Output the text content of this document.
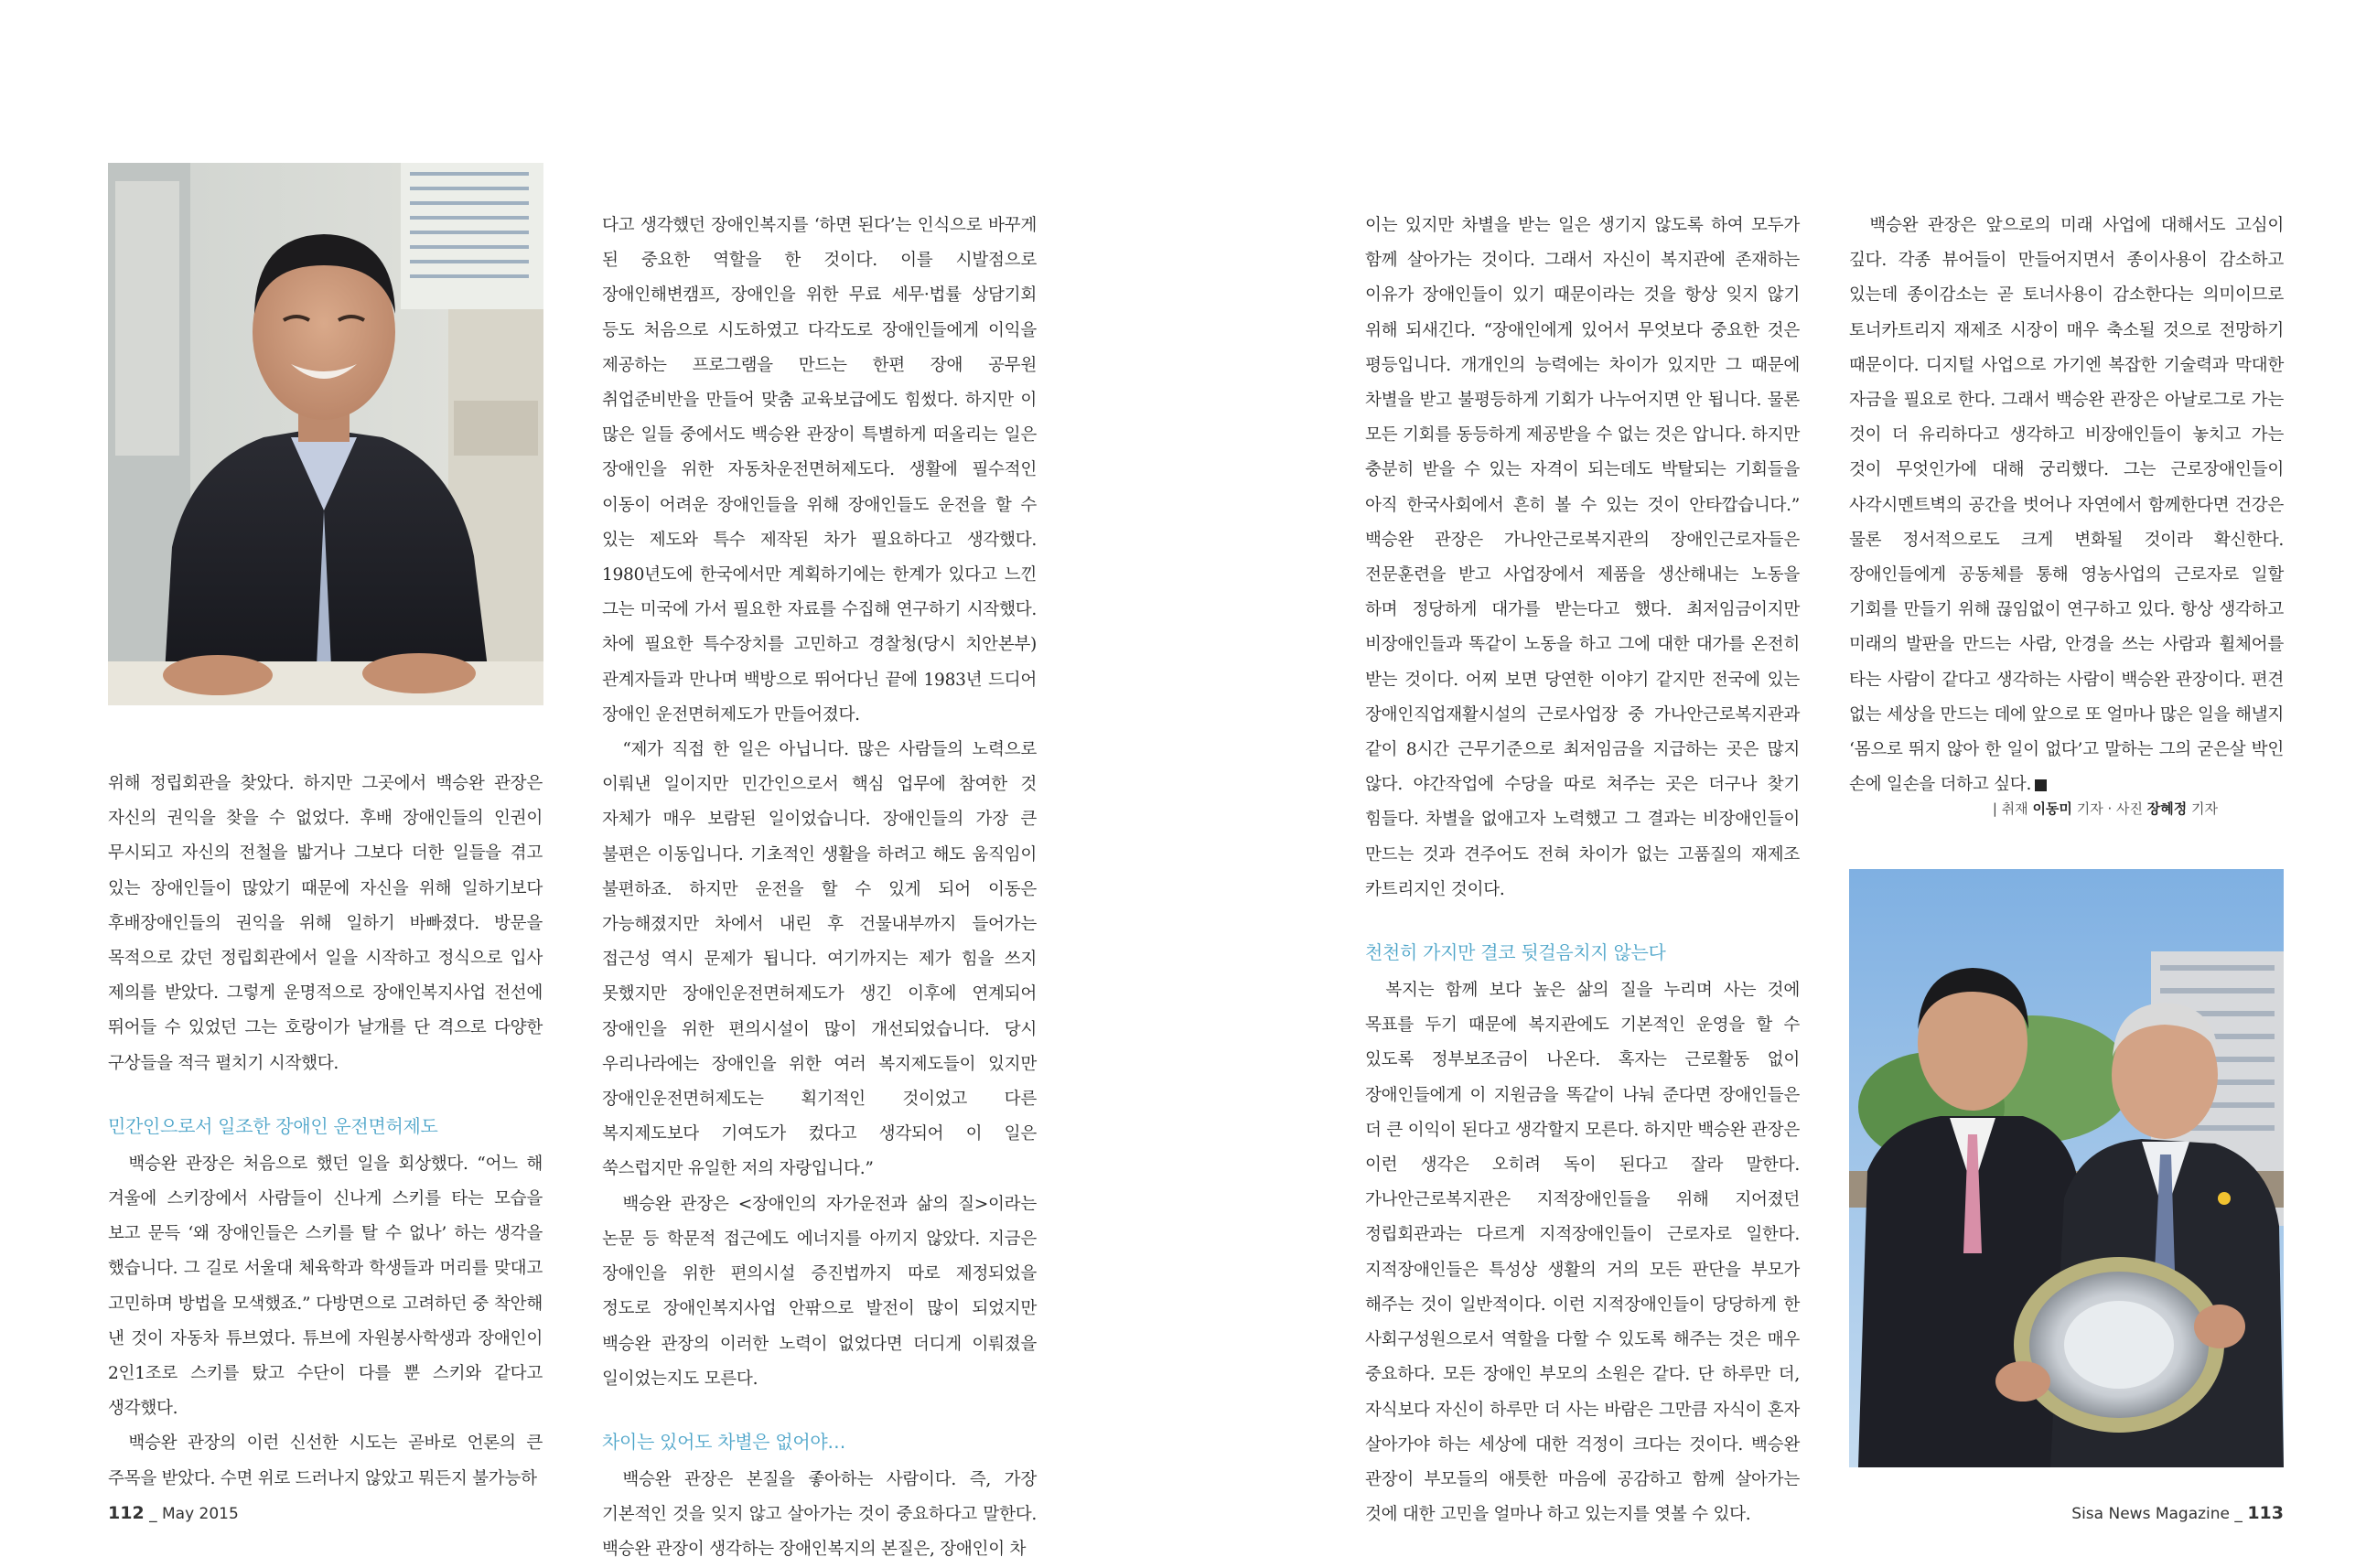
위해 정립회관을 찾았다. 하지만 그곳에서 백승완 관장은 자신의 권익을 찾을 수 없었다. 후배 장애인들의 인권이 무시되고 자신의 전철을 밟거나 그보다 더한 일들을 겪고 있는 장애인들이 많았기 때문에 자신을 위해 일하기보다 후배장애인들의 권익을 위해 일하기 바빠졌다. 방문을 목적으로 갔던 정립회관에서 일을 시작하고 정식으로 입사 제의를 받았다. 그렇게 운명적으로 장애인복지사업 전선에 뛰어들 수 있었던 그는 호랑이가 날개를 단 격으로 다양한 구상들을 적극 펼치기 시작했다.

민간인으로서 일조한 장애인 운전면허제도

백승완 관장은 처음으로 했던 일을 회상했다. “어느 해 겨울에 스키장에서 사람들이 신나게 스키를 타는 모습을 보고 문득 ‘왜 장애인들은 스키를 탈 수 없나’ 하는 생각을 했습니다. 그 길로 서울대 체육학과 학생들과 머리를 맞대고 고민하며 방법을 모색했죠.” 다방면으로 고려하던 중 착안해 낸 것이 자동차 튜브였다. 튜브에 자원봉사학생과 장애인이 2인1조로 스키를 탔고 수단이 다를 뿐 스키와 같다고 생각했다.

백승완 관장의 이런 신선한 시도는 곧바로 언론의 큰 주목을 받았다. 수면 위로 드러나지 않았고 뭐든지 불가능하

다고 생각했던 장애인복지를 ‘하면 된다’는 인식으로 바꾸게 된 중요한 역할을 한 것이다. 이를 시발점으로 장애인해변캠프, 장애인을 위한 무료 세무·법률 상담기회 등도 처음으로 시도하였고 다각도로 장애인들에게 이익을 제공하는 프로그램을 만드는 한편 장애 공무원 취업준비반을 만들어 맞춤 교육보급에도 힘썼다. 하지만 이 많은 일들 중에서도 백승완 관장이 특별하게 떠올리는 일은 장애인을 위한 자동차운전면허제도다. 생활에 필수적인 이동이 어려운 장애인들을 위해 장애인들도 운전을 할 수 있는 제도와 특수 제작된 차가 필요하다고 생각했다. 1980년도에 한국에서만 계획하기에는 한계가 있다고 느낀 그는 미국에 가서 필요한 자료를 수집해 연구하기 시작했다. 차에 필요한 특수장치를 고민하고 경찰청(당시 치안본부) 관계자들과 만나며 백방으로 뛰어다닌 끝에 1983년 드디어 장애인 운전면허제도가 만들어졌다.

“제가 직접 한 일은 아닙니다. 많은 사람들의 노력으로 이뤄낸 일이지만 민간인으로서 핵심 업무에 참여한 것 자체가 매우 보람된 일이었습니다. 장애인들의 가장 큰 불편은 이동입니다. 기초적인 생활을 하려고 해도 움직임이 불편하죠. 하지만 운전을 할 수 있게 되어 이동은 가능해졌지만 차에서 내린 후 건물내부까지 들어가는 접근성 역시 문제가 됩니다. 여기까지는 제가 힘을 쓰지 못했지만 장애인운전면허제도가 생긴 이후에 연계되어 장애인을 위한 편의시설이 많이 개선되었습니다. 당시 우리나라에는 장애인을 위한 여러 복지제도들이 있지만 장애인운전면허제도는 획기적인 것이었고 다른 복지제도보다 기여도가 컸다고 생각되어 이 일은 쑥스럽지만 유일한 저의 자랑입니다.”

백승완 관장은 <장애인의 자가운전과 삶의 질>이라는 논문 등 학문적 접근에도 에너지를 아끼지 않았다. 지금은 장애인을 위한 편의시설 증진법까지 따로 제정되었을 정도로 장애인복지사업 안팎으로 발전이 많이 되었지만 백승완 관장의 이러한 노력이 없었다면 더디게 이뤄졌을 일이었는지도 모른다.

차이는 있어도 차별은 없어야…

백승완 관장은 본질을 좋아하는 사람이다. 즉, 가장 기본적인 것을 잊지 않고 살아가는 것이 중요하다고 말한다. 백승완 관장이 생각하는 장애인복지의 본질은, 장애인이 차

이는 있지만 차별을 받는 일은 생기지 않도록 하여 모두가 함께 살아가는 것이다. 그래서 자신이 복지관에 존재하는 이유가 장애인들이 있기 때문이라는 것을 항상 잊지 않기 위해 되새긴다. “장애인에게 있어서 무엇보다 중요한 것은 평등입니다. 개개인의 능력에는 차이가 있지만 그 때문에 차별을 받고 불평등하게 기회가 나누어지면 안 됩니다. 물론 모든 기회를 동등하게 제공받을 수 없는 것은 압니다. 하지만 충분히 받을 수 있는 자격이 되는데도 박탈되는 기회들을 아직 한국사회에서 흔히 볼 수 있는 것이 안타깝습니다.” 백승완 관장은 가나안근로복지관의 장애인근로자들은 전문훈련을 받고 사업장에서 제품을 생산해내는 노동을 하며 정당하게 대가를 받는다고 했다. 최저임금이지만 비장애인들과 똑같이 노동을 하고 그에 대한 대가를 온전히 받는 것이다. 어찌 보면 당연한 이야기 같지만 전국에 있는 장애인직업재활시설의 근로사업장 중 가나안근로복지관과 같이 8시간 근무기준으로 최저임금을 지급하는 곳은 많지 않다. 야간작업에 수당을 따로 쳐주는 곳은 더구나 찾기 힘들다. 차별을 없애고자 노력했고 그 결과는 비장애인들이 만드는 것과 견주어도 전혀 차이가 없는 고품질의 재제조 카트리지인 것이다.

천천히 가지만 결코 뒷걸음치지 않는다

복지는 함께 보다 높은 삶의 질을 누리며 사는 것에 목표를 두기 때문에 복지관에도 기본적인 운영을 할 수 있도록 정부보조금이 나온다. 혹자는 근로활동 없이 장애인들에게 이 지원금을 똑같이 나눠 준다면 장애인들은 더 큰 이익이 된다고 생각할지 모른다. 하지만 백승완 관장은 이런 생각은 오히려 독이 된다고 잘라 말한다. 가나안근로복지관은 지적장애인들을 위해 지어졌던 정립회관과는 다르게 지적장애인들이 근로자로 일한다. 지적장애인들은 특성상 생활의 거의 모든 판단을 부모가 해주는 것이 일반적이다. 이런 지적장애인들이 당당하게 한 사회구성원으로서 역할을 다할 수 있도록 해주는 것은 매우 중요하다. 모든 장애인 부모의 소원은 같다. 단 하루만 더, 자식보다 자신이 하루만 더 사는 바람은 그만큼 자식이 혼자 살아가야 하는 세상에 대한 걱정이 크다는 것이다. 백승완 관장이 부모들의 애틋한 마음에 공감하고 함께 살아가는 것에 대한 고민을 얼마나 하고 있는지를 엿볼 수 있다.

백승완 관장은 앞으로의 미래 사업에 대해서도 고심이 깊다. 각종 뷰어들이 만들어지면서 종이사용이 감소하고 있는데 종이감소는 곧 토너사용이 감소한다는 의미이므로 토너카트리지 재제조 시장이 매우 축소될 것으로 전망하기 때문이다. 디지털 사업으로 가기엔 복잡한 기술력과 막대한 자금을 필요로 한다. 그래서 백승완 관장은 아날로그로 가는 것이 더 유리하다고 생각하고 비장애인들이 놓치고 가는 것이 무엇인가에 대해 궁리했다. 그는 근로장애인들이 사각시멘트벽의 공간을 벗어나 자연에서 함께한다면 건강은 물론 정서적으로도 크게 변화될 것이라 확신한다. 장애인들에게 공동체를 통해 영농사업의 근로자로 일할 기회를 만들기 위해 끊임없이 연구하고 있다. 항상 생각하고 미래의 발판을 만드는 사람, 안경을 쓰는 사람과 휠체어를 타는 사람이 같다고 생각하는 사람이 백승완 관장이다. 편견 없는 세상을 만드는 데에 앞으로 또 얼마나 많은 일을 해낼지 ‘몸으로 뛰지 않아 한 일이 없다’고 말하는 그의 굳은살 박인 손에 일손을 더하고 싶다. S

| 취재 이동미 기자 · 사진 장혜정 기자
112 _ May 2015	Sisa News Magazine _ 113
